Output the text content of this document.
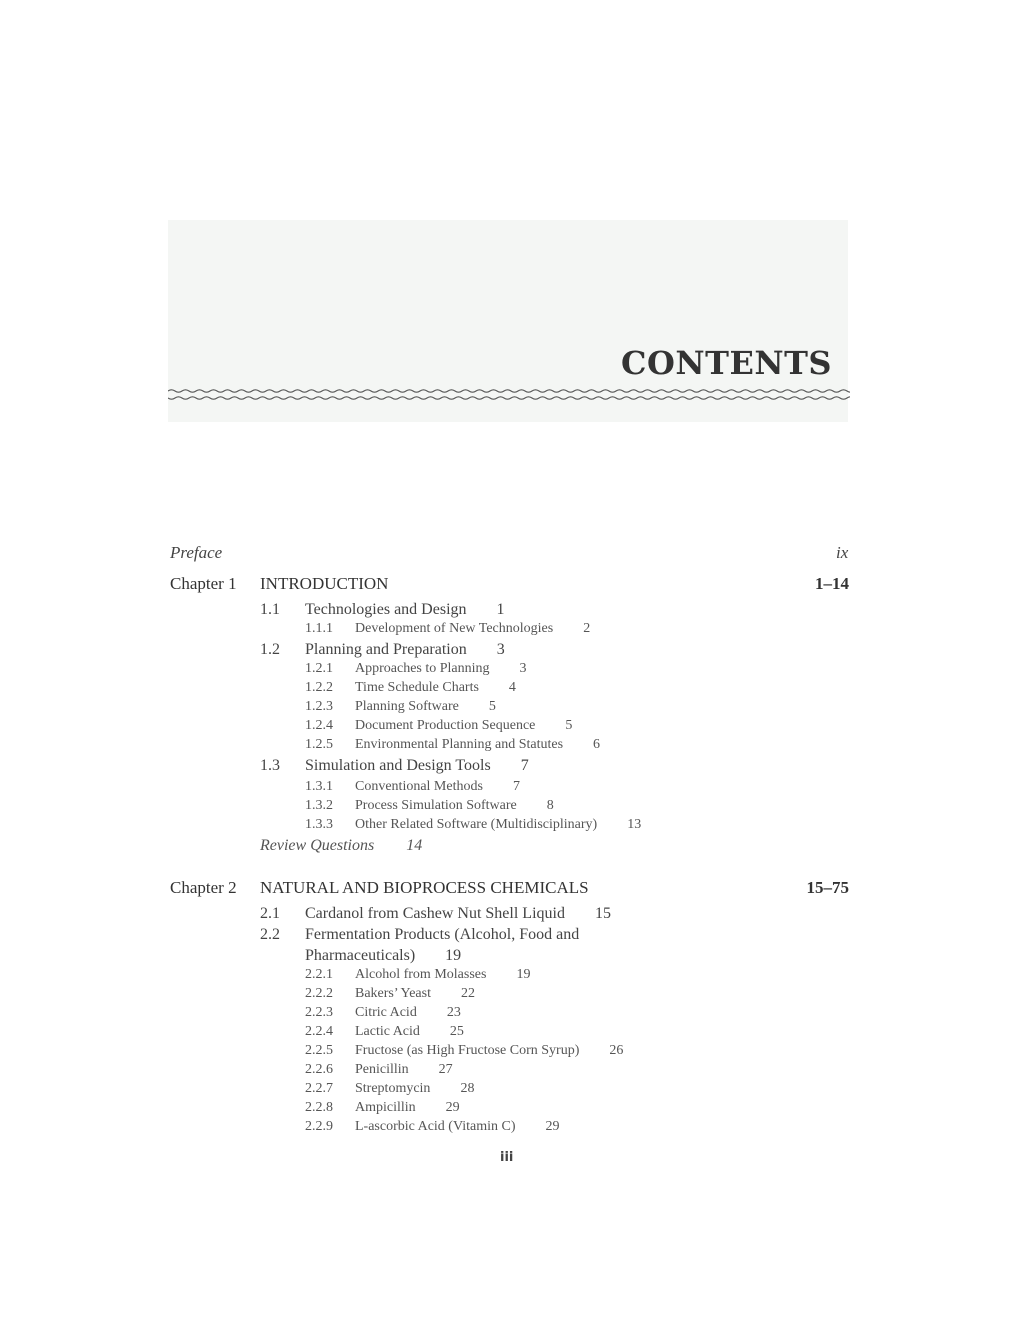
CONTENTS
Preface	ix
Chapter 1 INTRODUCTION	1–14
1.1 Technologies and Design 1
1.1.1 Development of New Technologies 2
1.2 Planning and Preparation 3
1.2.1 Approaches to Planning 3
1.2.2 Time Schedule Charts 4
1.2.3 Planning Software 5
1.2.4 Document Production Sequence 5
1.2.5 Environmental Planning and Statutes 6
1.3 Simulation and Design Tools 7
1.3.1 Conventional Methods 7
1.3.2 Process Simulation Software 8
1.3.3 Other Related Software (Multidisciplinary) 13
Review Questions 14
Chapter 2 NATURAL AND BIOPROCESS CHEMICALS	15–75
2.1 Cardanol from Cashew Nut Shell Liquid 15
2.2 Fermentation Products (Alcohol, Food and
Pharmaceuticals) 19
2.2.1 Alcohol from Molasses 19
2.2.2 Bakers’ Yeast 22
2.2.3 Citric Acid 23
2.2.4 Lactic Acid 25
2.2.5 Fructose (as High Fructose Corn Syrup) 26
2.2.6 Penicillin 27
2.2.7 Streptomycin 28
2.2.8 Ampicillin 29
2.2.9 L-ascorbic Acid (Vitamin C) 29
iii
